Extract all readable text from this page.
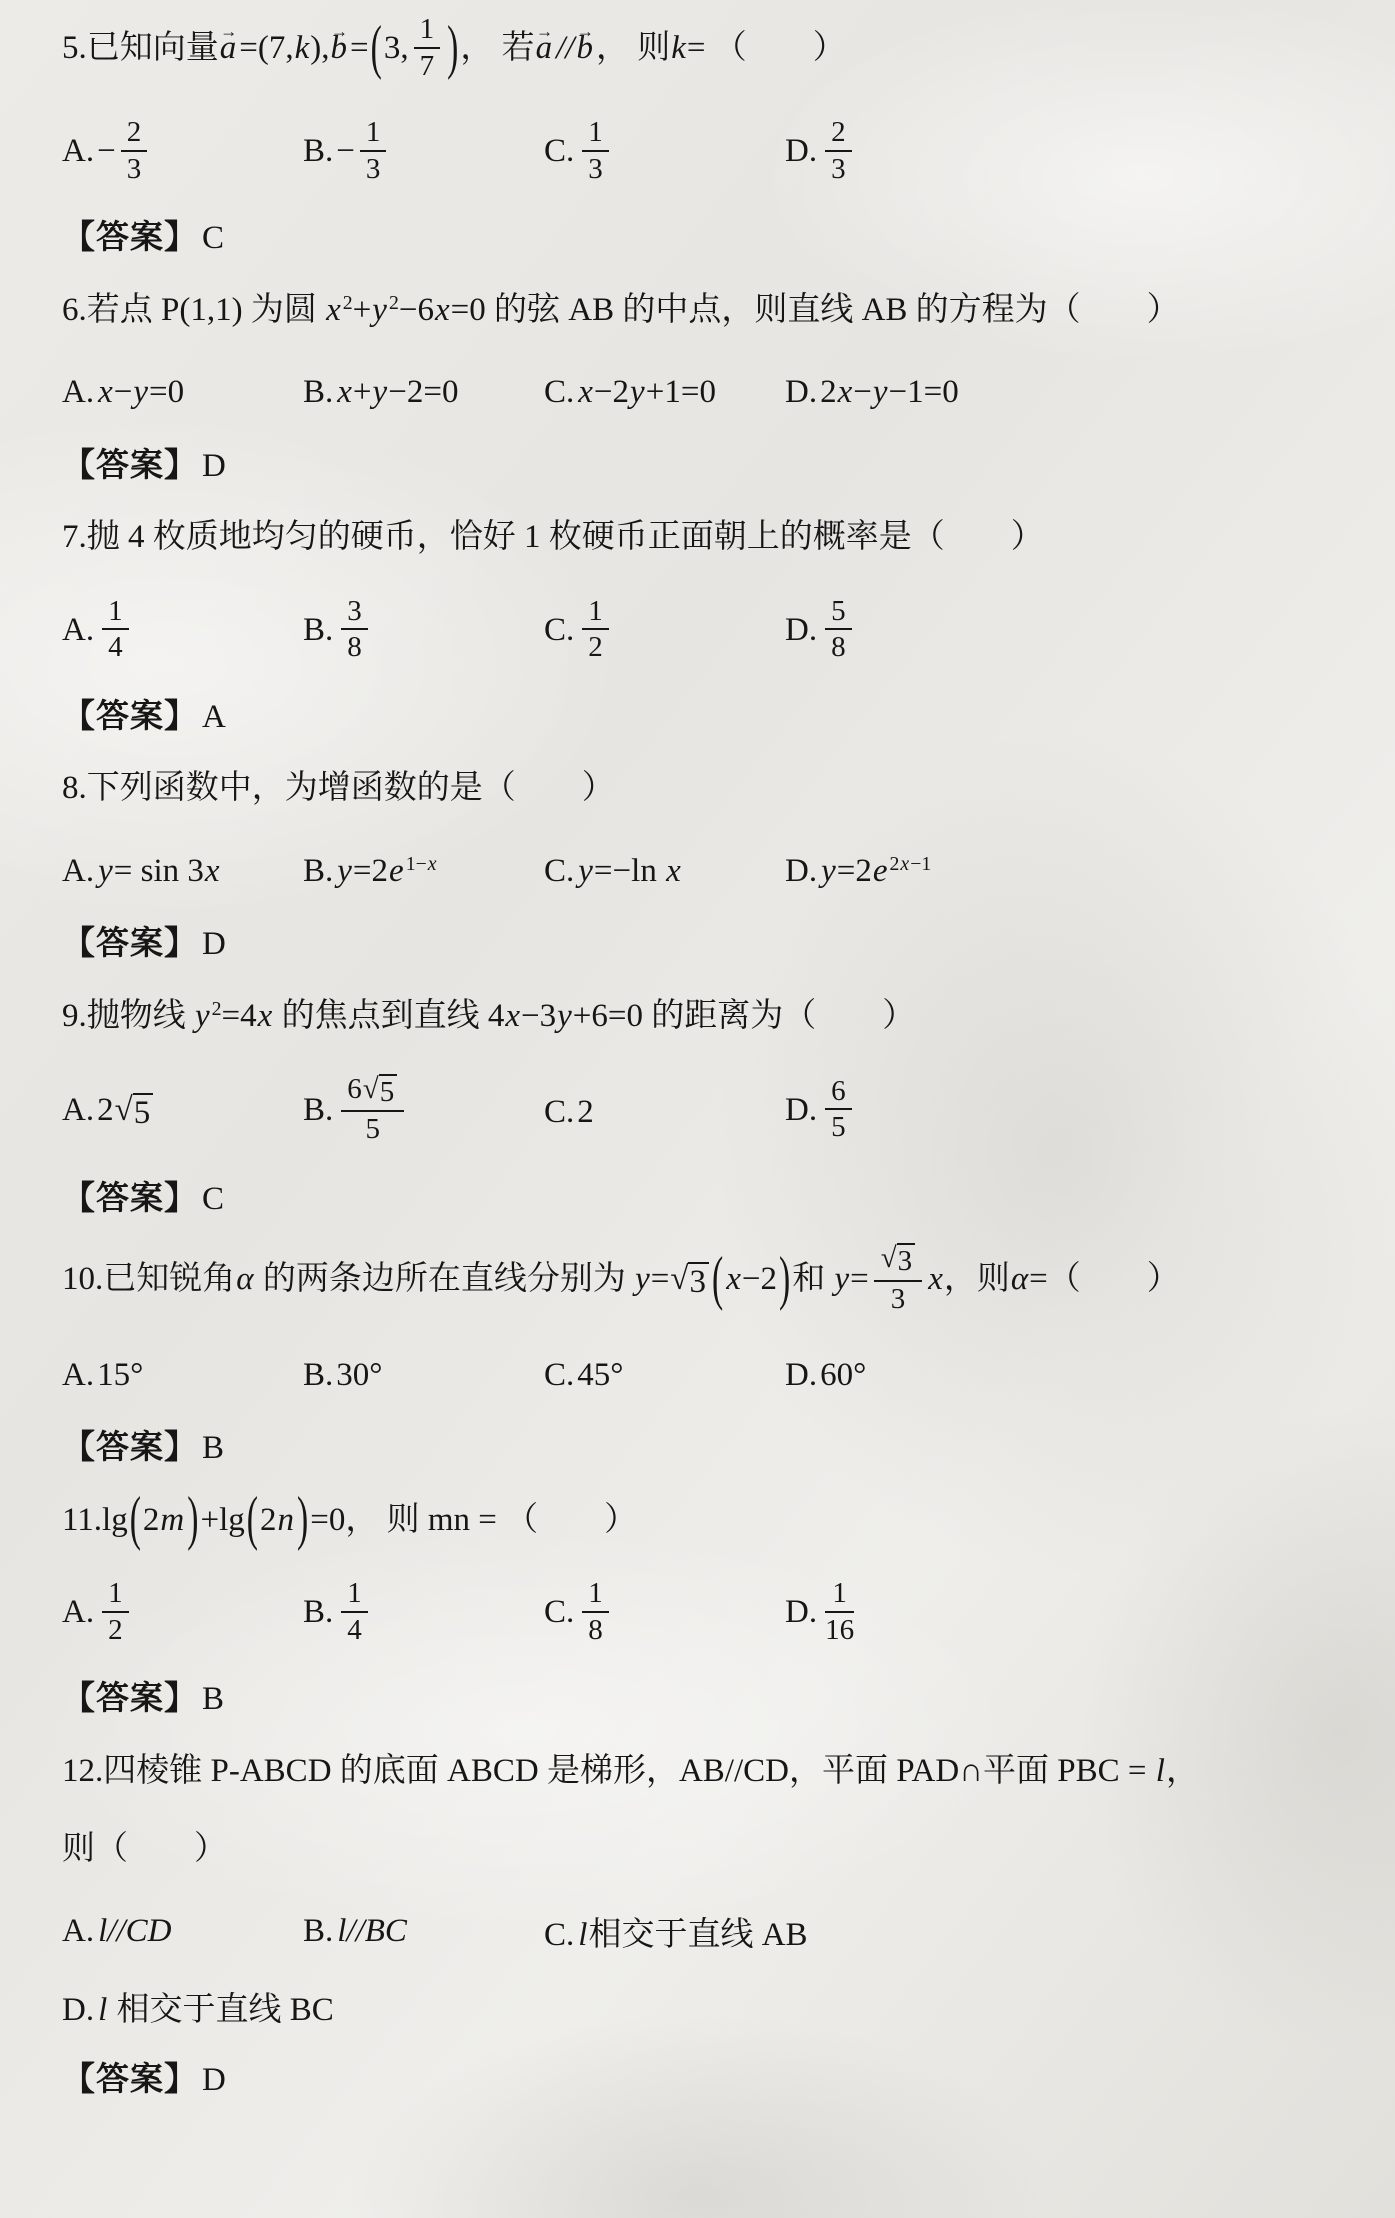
5.已知向量a →=(7,k),b →=(3, $\frac{1}{7}$ )， 若a → //b →， 则k= （　　）
$A.- \frac{2}{3}$	$B.- \frac{1}{3}$	C. $\frac{1}{3}$	D. $\frac{2}{3}$
【答案】 C
6.若点 P(1,1) 为圆 x $^2$+y $^2$−6x=0 的弦 AB 的中点，则直线 AB 的方程为（　　）
A. x−y=0	B. x+y−2=0	C. x−2y+1=0	D.2x−y−1=0
【答案】 D
7.抛 4 枚质地均匀的硬币，恰好 1 枚硬币正面朝上的概率是（　　）
A. $\frac{1}{4}$	B. $\frac{3}{8}$	C. $\frac{1}{2}$	D. $\frac{5}{8}$
【答案】 A
8.下列函数中，为增函数的是（　　）
A. y= sin 3x	B. y=2e $^{1-x}$	C. y=−ln x	D. y=2e $^{2x-1}$
【答案】 D
9.抛物线 y $^2$=4x 的焦点到直线 4x−3y+6=0 的距离为（　　）
A.2 √ 5	B. $\frac{6 √ 5}{5}$	C.2	D. $\frac{6}{5}$
【答案】 C
10.已知锐角α 的两条边所在直线分别为 y= √ 3 (x−2)和 $y= \frac{√ 3}{3}$ x，则α=（　　）
A.15°	B.30°	C.45°	D.60°
【答案】 B
11.lg(2m)+lg(2n)=0， 则 mn = （　　）
A. $\frac{1}{2}$	B. $\frac{1}{4}$	C. $\frac{1}{8}$	D. $\frac{1}{16}$
【答案】 B
12.四棱锥 P-ABCD 的底面 ABCD 是梯形，AB//CD，平面 PAD∩平面 PBC = l，
则（　　）
A. l//CD	B. l//BC	C. l相交于直线 AB
D. l 相交于直线 BC
【答案】 D
